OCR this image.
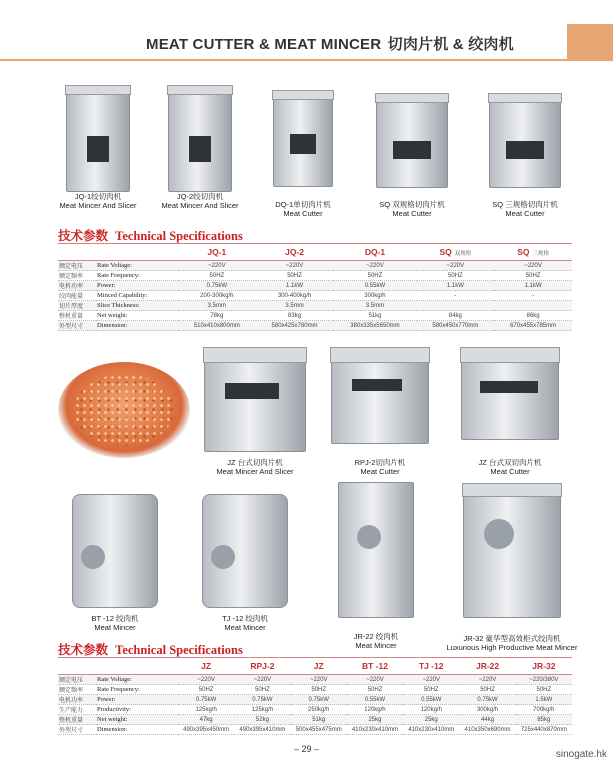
MEAT CUTTER & MEAT MINCER 切肉片机 & 绞肉机
JQ-1绞切肉机
Meat Mincer And Slicer
JQ-2绞切肉机
Meat Mincer And Slicer	DQ-1单切肉片机
Meat Cutter
SQ 双规格切肉片机
Meat Cutter
SQ 三规格切肉片机
Meat Cutter
技术参数 Technical Specifications
		JQ-1	JQ-2	DQ-1	SQ 双规格	SQ 三规格
额定电压	Rate Voltage:	~220V	~220V	~220V	~220V	~220V
额定频率	Rate Frequency:	50HZ	50HZ	50HZ	50HZ	50HZ
电机功率	Power:	0.75kW	1.1kW	0.55kW	1.1kW	1.1kW
绞肉能量	Minced Capability:	200-300kg/h	300-400kg/h	300kg/h	-	-
切片厚度	Slice Thickness:	3.5mm	3.5mm	3.5mm		
整机重量	Net weight:	78kg	83kg	51kg	84kg	86kg
外型尺寸	Dimension:	510x410x800mm	580x425x780mm	380x335x5650mm	580x450x770mm	670x455x785mm
JZ 台式切肉片机
Meat Mincer And Slicer
RPJ-2切肉片机
Meat Cutter
JZ 台式双切肉片机
Meat Cutter
BT -12 绞肉机
Meat Mincer
TJ -12 绞肉机
Meat Mincer
JR-22 绞肉机
Meat Mincer
JR-32 豪华型高效柜式绞肉机
Luxurious High Productive Meat Mincer
技术参数 Technical Specifications
		JZ	RPJ-2	JZ	BT -12	TJ -12	JR-22	JR-32
额定电压	Rate Voltage:	~220V	~220V	~220V	~220V	~220V	~220V	~220/380V
额定频率	Rate Frequency:	50HZ	50HZ	50HZ	50HZ	50HZ	50HZ	50HZ
电机功率	Power:	0.75kW	0.75kW	0.75kW	0.55kW	0.55kW	0.75kW	1.5kW
生产能力	Productivity:	125kg/h	125kg/h	250kg/h	120kg/h	120kg/h	300kg/h	700kg/h
整机重量	Net weight:	47kg	52kg	51kg	25kg	25kg	44kg	85kg
外型尺寸	Dimension:	490x395x450mm	490x395x410mm	500x455x475mm	410x230x410mm	410x230x410mm	410x350x690mm	725x440x870mm
– 29 –	sinogate.hk
